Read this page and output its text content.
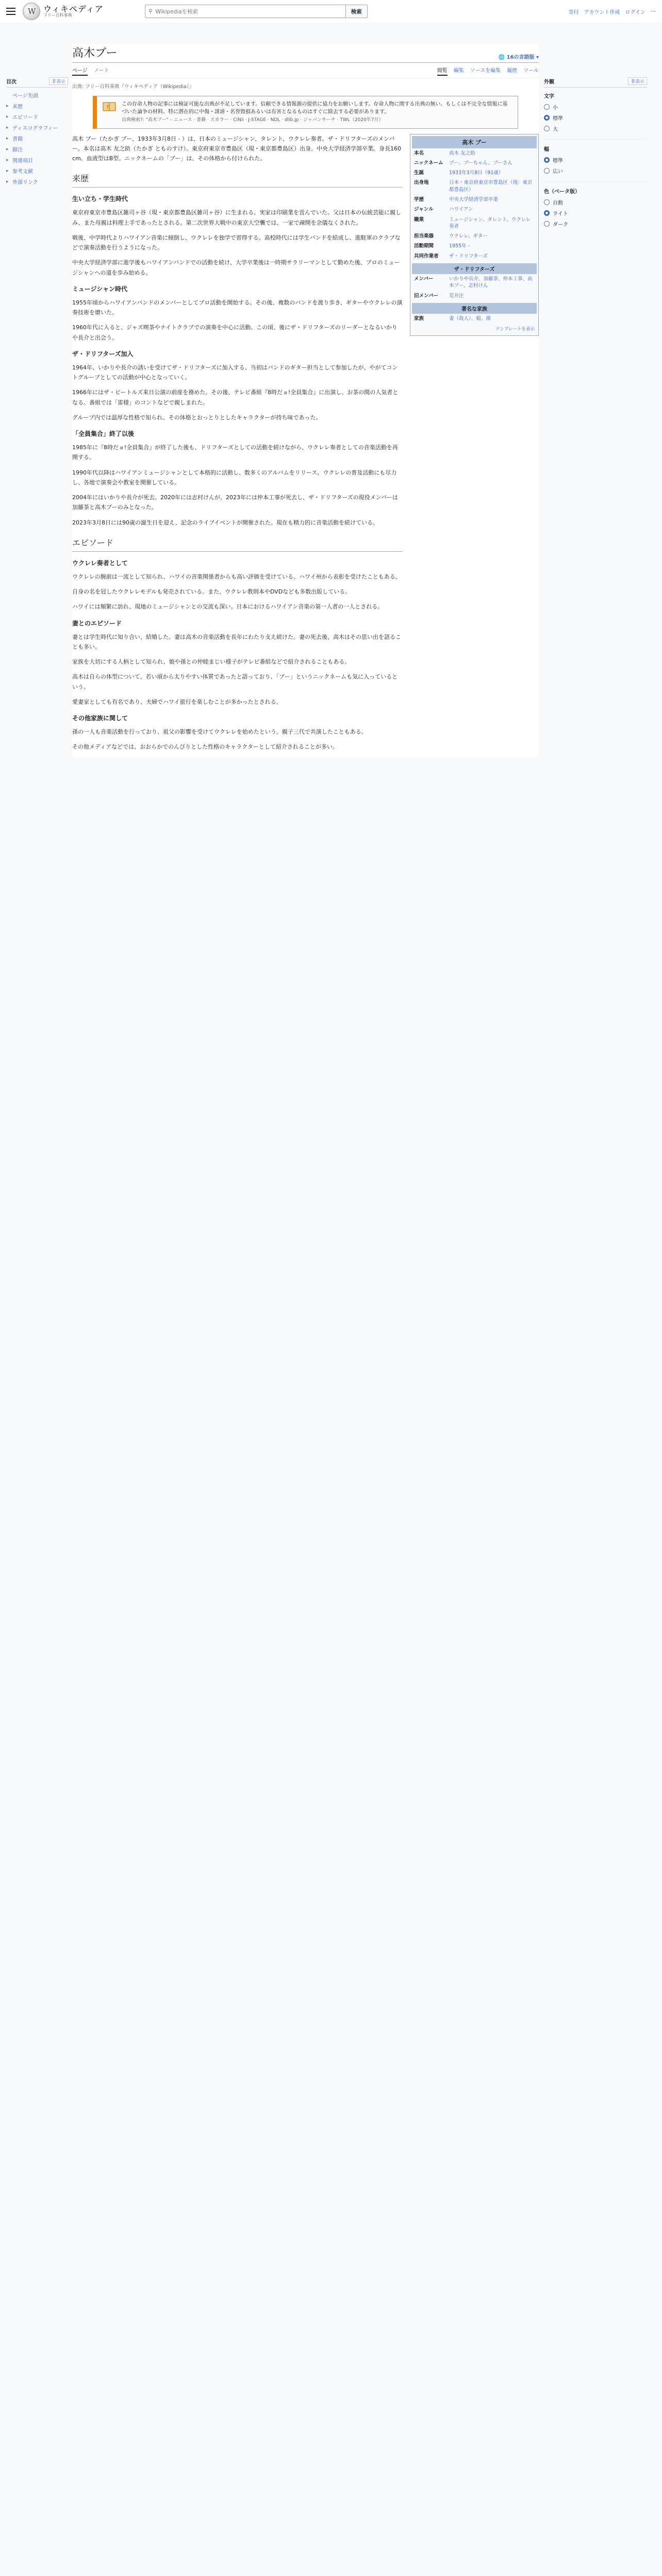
W
ウィキペディア
フリー百科事典
⚲ Wikipediaを検索	検索	寄付 アカウント作成 ログイン ⋯
目次	非表示
ページ先頭
▸ 来歴
▸ エピソード
▸ ディスコグラフィー
▸ 書籍
▸ 脚注
▸ 関連項目
▸ 参考文献
▸ 外部リンク
高木ブー	🌐 16の言語版 ▾
ページ ノート	閲覧 編集 ソースを編集 履歴 ツール
出典: フリー百科事典『ウィキペディア（Wikipedia）』
?
この存命人物の記事には検証可能な出典が不足しています。信頼できる情報源の提供に協力をお願いします。存命人物に関する出典の無い、もしくは不完全な情報に基づいた論争の材料、特に潜在的に中傷・誹謗・名誉毀損あるいは有害となるものはすぐに除去する必要があります。
出典検索?: "高木ブー" – ニュース · 書籍 · スカラー · CiNii · J-STAGE · NDL · dlib.jp · ジャパンサーチ · TWL（2020年7月）

高木 ブー（たかぎ ブー、1933年3月8日 - ）は、日本のミュージシャン、タレント、ウクレレ奏者。ザ・ドリフターズのメンバー。本名は高木 友之助（たかぎ とものすけ）。東京府東京市豊島区（現・東京都豊島区）出身。中央大学経済学部卒業。身長160 cm。血液型はB型。ニックネームの「ブー」は、その体格から付けられた。

来歴
生い立ち・学生時代

東京府東京市豊島区雑司ヶ谷（現・東京都豊島区雑司ヶ谷）に生まれる。実家は印刷業を営んでいた。父は日本の伝統芸能に親しみ、また母親は料理上手であったとされる。第二次世界大戦中の東京大空襲では、一家で疎開を余儀なくされた。

戦後、中学時代よりハワイアン音楽に傾倒し、ウクレレを独学で習得する。高校時代には学生バンドを結成し、進駐軍のクラブなどで演奏活動を行うようになった。

中央大学経済学部に進学後もハワイアンバンドでの活動を続け、大学卒業後は一時期サラリーマンとして勤めた後、プロのミュージシャンへの道を歩み始める。

ミュージシャン時代

1955年頃からハワイアンバンドのメンバーとしてプロ活動を開始する。その後、複数のバンドを渡り歩き、ギターやウクレレの演奏技術を磨いた。

1960年代に入ると、ジャズ喫茶やナイトクラブでの演奏を中心に活動。この頃、後にザ・ドリフターズのリーダーとなるいかりや長介と出会う。

ザ・ドリフターズ加入

1964年、いかりや長介の誘いを受けてザ・ドリフターズに加入する。当初はバンドのギター担当として参加したが、やがてコントグループとしての活動が中心となっていく。

1966年にはザ・ビートルズ来日公演の前座を務めた。その後、テレビ番組『8時だョ!全員集合』に出演し、お茶の間の人気者となる。番組では「雷様」のコントなどで親しまれた。

グループ内では温厚な性格で知られ、その体格とおっとりとしたキャラクターが持ち味であった。

「全員集合」終了以後

1985年に『8時だョ!全員集合』が終了した後も、ドリフターズとしての活動を続けながら、ウクレレ奏者としての音楽活動を再開する。

1990年代以降はハワイアンミュージシャンとして本格的に活動し、数多くのアルバムをリリース。ウクレレの普及活動にも尽力し、各地で演奏会や教室を開催している。

2004年にはいかりや長介が死去。2020年には志村けんが、2023年には仲本工事が死去し、ザ・ドリフターズの現役メンバーは加藤茶と高木ブーのみとなった。

2023年3月8日には90歳の誕生日を迎え、記念のライブイベントが開催された。現在も精力的に音楽活動を続けている。

エピソード
ウクレレ奏者として

ウクレレの腕前は一流として知られ、ハワイの音楽関係者からも高い評価を受けている。ハワイ州から表彰を受けたこともある。

自身の名を冠したウクレレモデルも発売されている。また、ウクレレ教則本やDVDなども多数出版している。

ハワイには頻繁に訪れ、現地のミュージシャンとの交流も深い。日本におけるハワイアン音楽の第一人者の一人とされる。

妻とのエピソード

妻とは学生時代に知り合い、結婚した。妻は高木の音楽活動を長年にわたり支え続けた。妻の死去後、高木はその思い出を語ることも多い。

家族を大切にする人柄として知られ、娘や孫との仲睦まじい様子がテレビ番組などで紹介されることもある。

高木は自らの体型について、若い頃から太りやすい体質であったと語っており、「ブー」というニックネームも気に入っているという。

愛妻家としても有名であり、夫婦でハワイ旅行を楽しむことが多かったとされる。

その他家族に関して

孫の一人も音楽活動を行っており、祖父の影響を受けてウクレレを始めたという。親子三代で共演したこともある。

その他メディアなどでは、おおらかでのんびりとした性格のキャラクターとして紹介されることが多い。

高木 ブー
本名	高木 友之助
ニックネーム	ブー、ブーちゃん、ブーさん
生誕	1933年3月8日（91歳）
出身地	日本・東京府東京市豊島区（現：東京都豊島区）
学歴	中央大学経済学部卒業
ジャンル	ハワイアン
職業	ミュージシャン、タレント、ウクレレ奏者
担当楽器	ウクレレ、ギター
活動期間	1955年 -
共同作業者	ザ・ドリフターズ
ザ・ドリフターズ
メンバー	いかりや長介、加藤茶、仲本工事、高木ブー、志村けん
旧メンバー	荒井注
著名な家族
家族	妻（故人）、娘、孫
テンプレートを表示
外観	非表示
文字
小
標準
大
幅
標準
広い
色（ベータ版）
自動
ライト
ダーク
